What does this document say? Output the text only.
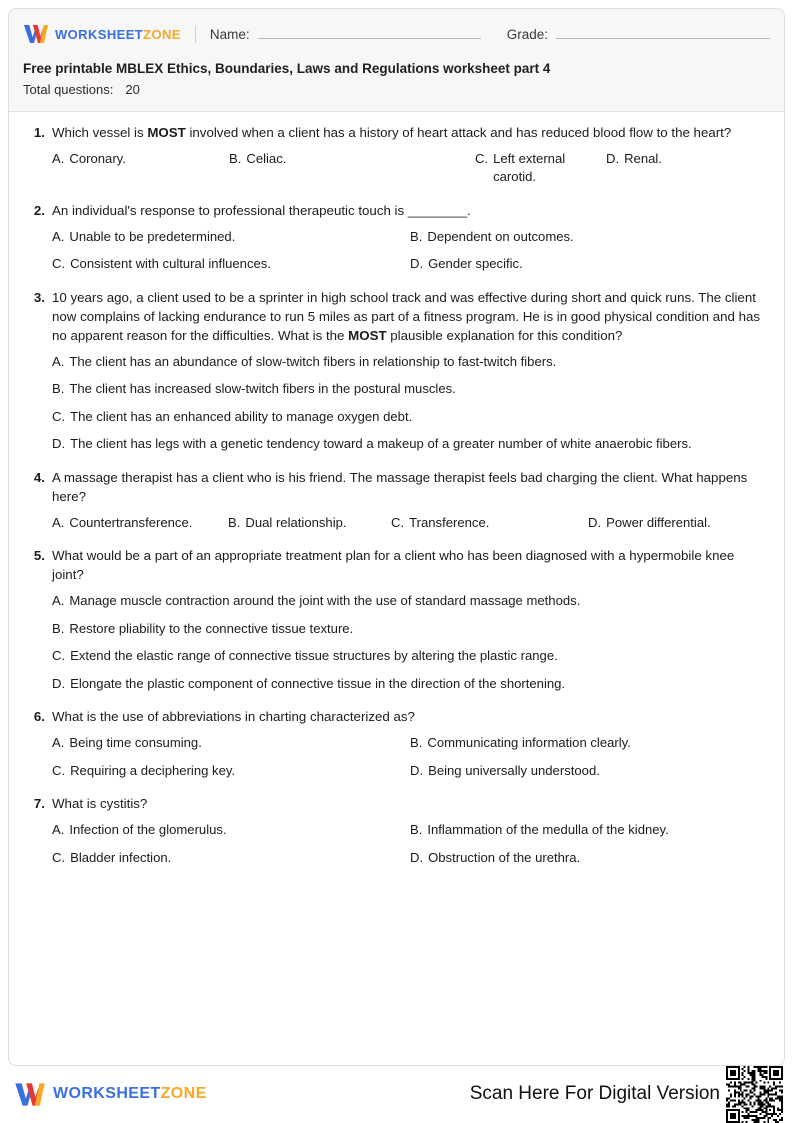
WORKSHEETZONE Name:	Grade:
Free printable MBLEX Ethics, Boundaries, Laws and Regulations worksheet part 4
Total questions: 20
1. Which vessel is MOST involved when a client has a history of heart attack and has reduced blood flow to the heart?
A. Coronary.	B. Celiac.	C. Left external carotid.
D. Renal.
2. An individual's response to professional therapeutic touch is ________.
A. Unable to be predetermined.	B. Dependent on outcomes.
C. Consistent with cultural influences.	D. Gender specific.
3. 10 years ago, a client used to be a sprinter in high school track and was effective during short and quick runs. The client now complains of lacking endurance to run 5 miles as part of a fitness program. He is in good physical condition and has no apparent reason for the difficulties. What is the MOST plausible explanation for this condition?
A. The client has an abundance of slow-twitch fibers in relationship to fast-twitch fibers.
B. The client has increased slow-twitch fibers in the postural muscles.
C. The client has an enhanced ability to manage oxygen debt.
D. The client has legs with a genetic tendency toward a makeup of a greater number of white anaerobic fibers.
4. A massage therapist has a client who is his friend. The massage therapist feels bad charging the client. What happens here?
A. Countertransference.	B. Dual relationship.	C. Transference.	D. Power differential.
5. What would be a part of an appropriate treatment plan for a client who has been diagnosed with a hypermobile knee joint?
A. Manage muscle contraction around the joint with the use of standard massage methods.
B. Restore pliability to the connective tissue texture.
C. Extend the elastic range of connective tissue structures by altering the plastic range.
D. Elongate the plastic component of connective tissue in the direction of the shortening.
6. What is the use of abbreviations in charting characterized as?
A. Being time consuming.	B. Communicating information clearly.
C. Requiring a deciphering key.	D. Being universally understood.
7. What is cystitis?
A. Infection of the glomerulus.	B. Inflammation of the medulla of the kidney.
C. Bladder infection.	D. Obstruction of the urethra.
WORKSHEETZONE	Scan Here For Digital Version
